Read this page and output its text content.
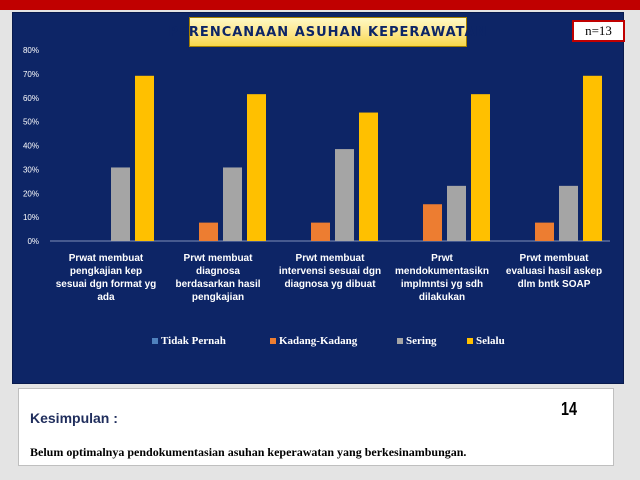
PERENCANAAN ASUHAN KEPERAWATAN	n=13
0%
10%
20%
30%
40%
50%
60%
70%
80%
Prwat membuat
pengkajian kep
sesuai dgn format yg
ada
Prwt membuat
diagnosa
berdasarkan hasil
pengkajian
Prwt membuat
intervensi sesuai dgn
diagnosa yg dibuat
Prwt
mendokumentasikn
implmntsi yg sdh
dilakukan
Prwt membuat
evaluasi hasil askep
dlm bntk SOAP
Tidak Pernah	Kadang-Kadang	Sering	Selalu
Kesimpulan :	14
Belum optimalnya pendokumentasian asuhan keperawatan yang berkesinambungan.
